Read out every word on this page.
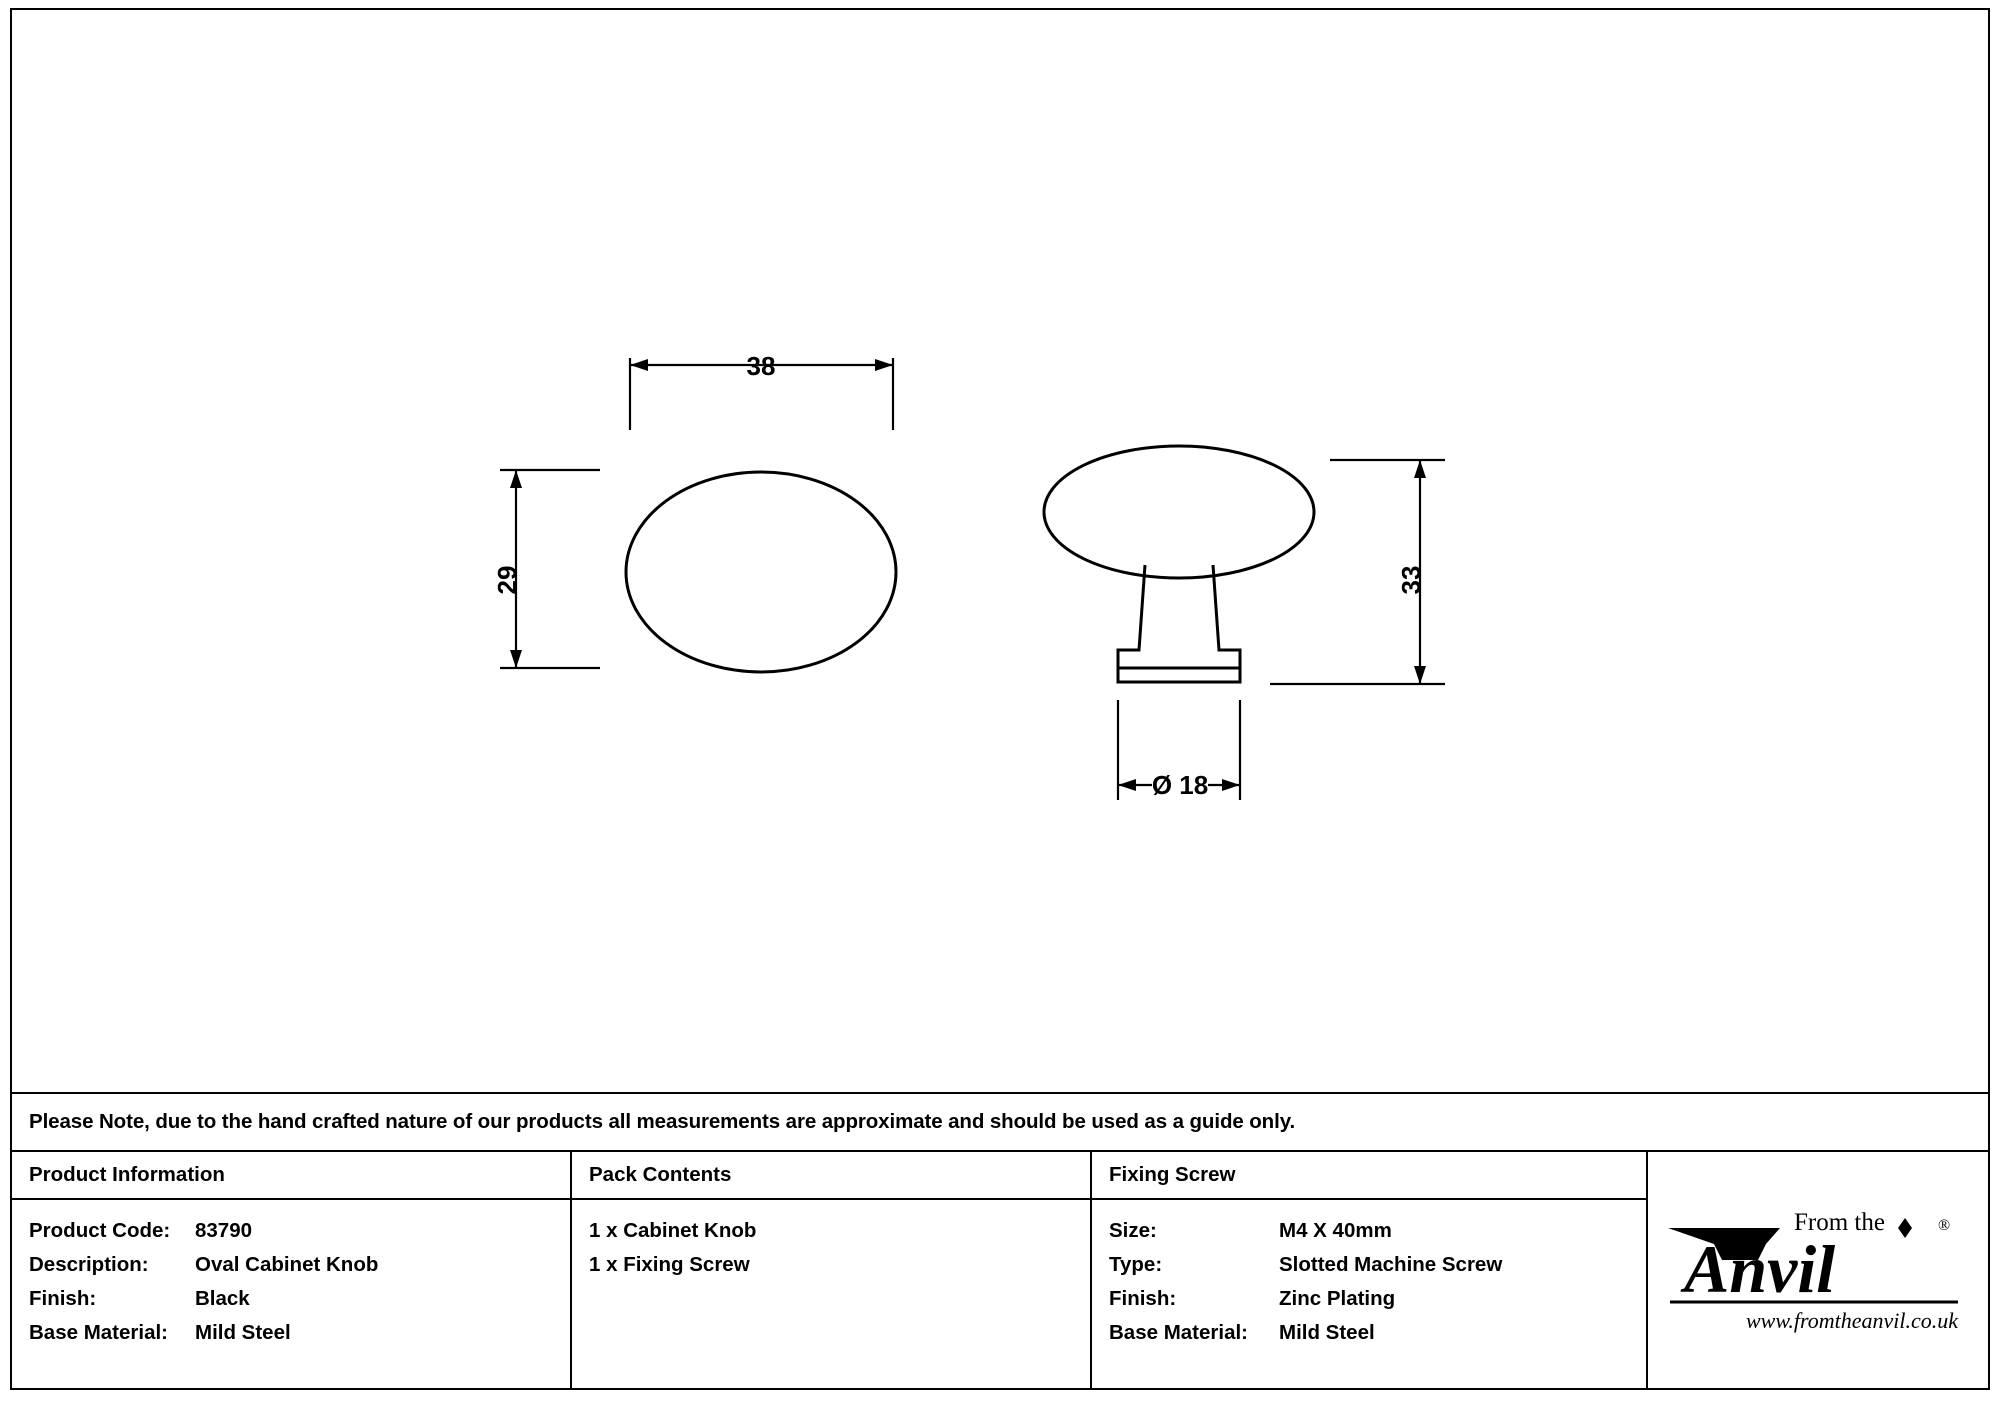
38
29	33
Ø 18
Please Note, due to the hand crafted nature of our products all measurements are approximate and should be used as a guide only.
Product Information
Product Code:	83790
Description:	Oval Cabinet Knob
Finish:	Black
Base Material:	Mild Steel
Pack Contents
1 x Cabinet Knob
1 x Fixing Screw
Fixing Screw
Size:	M4 X 40mm
Type:	Slotted Machine Screw
Finish:	Zinc Plating
Base Material:	Mild Steel
From the	®
Anvil
www.fromtheanvil.co.uk
